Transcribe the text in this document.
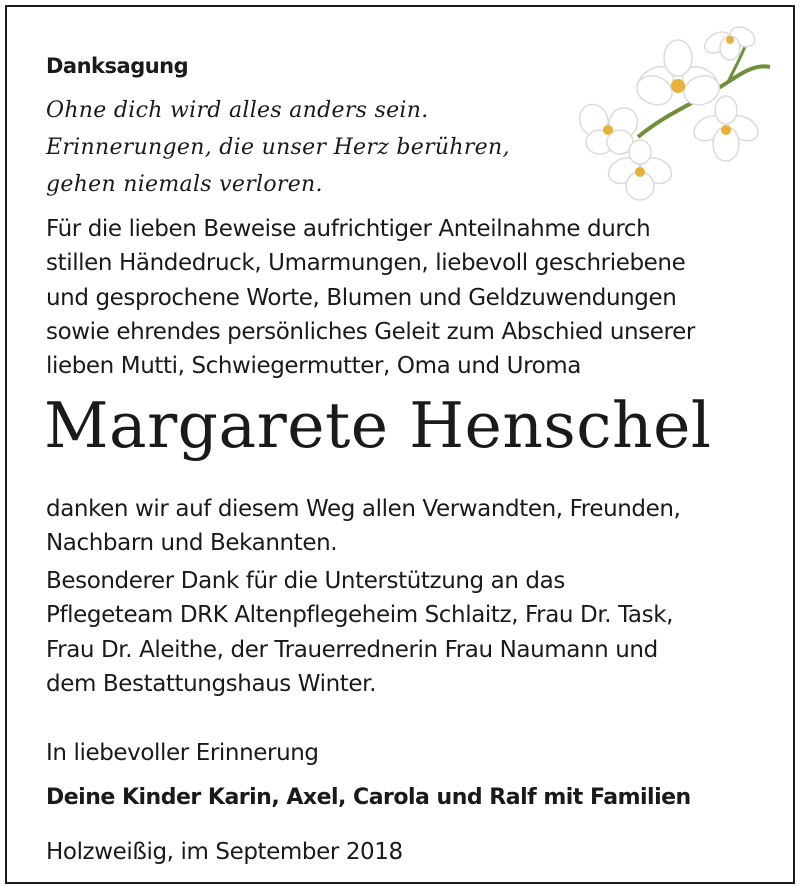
Danksagung
Ohne dich wird alles anders sein.
Erinnerungen, die unser Herz berühren,
gehen niemals verloren.
Für die lieben Beweise aufrichtiger Anteilnahme durch
stillen Händedruck, Umarmungen, liebevoll geschriebene
und gesprochene Worte, Blumen und Geldzuwendungen
sowie ehrendes persönliches Geleit zum Abschied unserer
lieben Mutti, Schwiegermutter, Oma und Uroma
Margarete Henschel
danken wir auf diesem Weg allen Verwandten, Freunden,
Nachbarn und Bekannten.
Besonderer Dank für die Unterstützung an das
Pflegeteam DRK Altenpflegeheim Schlaitz, Frau Dr. Task,
Frau Dr. Aleithe, der Trauerrednerin Frau Naumann und
dem Bestattungshaus Winter.
In liebevoller Erinnerung
Deine Kinder Karin, Axel, Carola und Ralf mit Familien
Holzweißig, im September 2018
